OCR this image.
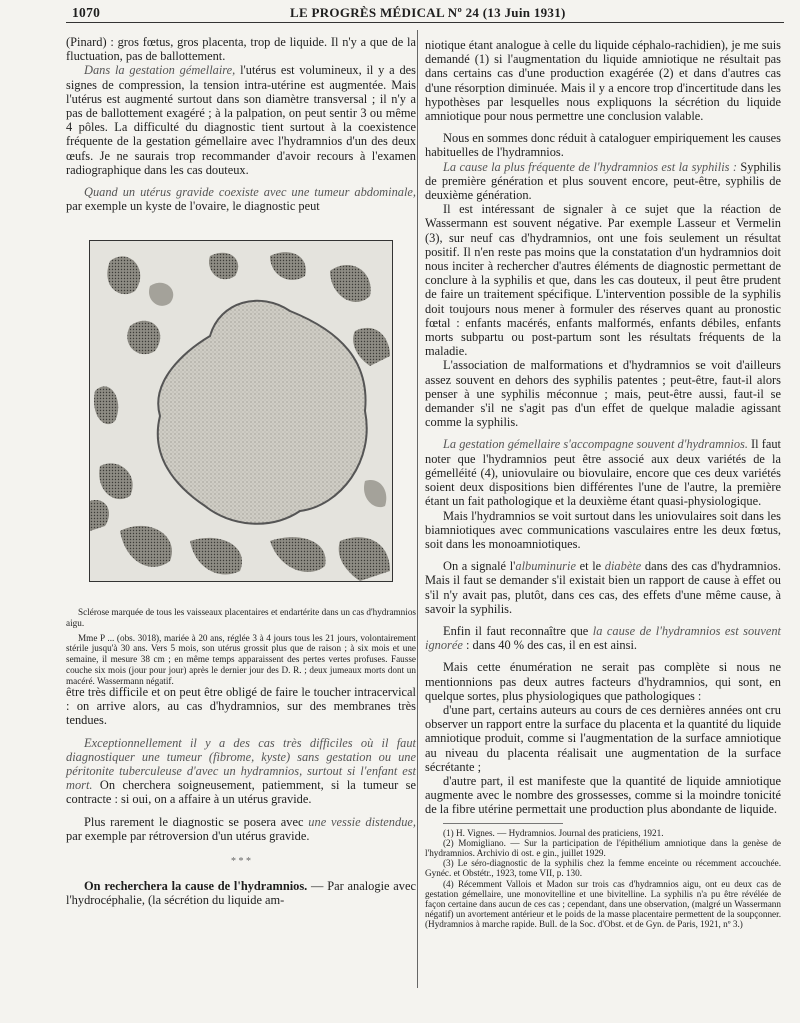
1070	LE PROGRÈS MÉDICAL Nº 24 (13 Juin 1931)

(Pinard) : gros fœtus, gros placenta, trop de liquide. Il n'y a que de la fluctuation, pas de ballottement.

Dans la gestation gémellaire, l'utérus est volumineux, il y a des signes de compression, la tension intra-utérine est augmentée. Mais l'utérus est augmenté surtout dans son diamètre transversal ; il n'y a pas de ballottement exagéré ; à la palpation, on peut sentir 3 ou même 4 pôles. La difficulté du diagnostic tient surtout à la coexistence fréquente de la gestation gémellaire avec l'hydramnios d'un des deux œufs. Je ne saurais trop recommander d'avoir recours à l'examen radiographique dans les cas douteux.

Quand un utérus gravide coexiste avec une tumeur abdominale, par exemple un kyste de l'ovaire, le diagnostic peut

Sclérose marquée de tous les vaisseaux placentaires et endartérite dans un cas d'hydramnios aigu.

Mme P ... (obs. 3018), mariée à 20 ans, réglée 3 à 4 jours tous les 21 jours, volontairement stérile jusqu'à 30 ans. Vers 5 mois, son utérus grossit plus que de raison ; à six mois et une semaine, il mesure 38 cm ; en même temps apparaissent des pertes vertes profuses. Fausse couche six mois (jour pour jour) après le dernier jour des D. R. ; deux jumeaux morts dont un macéré. Wassermann négatif.

être très difficile et on peut être obligé de faire le toucher intracervical : on arrive alors, au cas d'hydramnios, sur des membranes très tendues.

Exceptionnellement il y a des cas très difficiles où il faut diagnostiquer une tumeur (fibrome, kyste) sans gestation ou une péritonite tuberculeuse d'avec un hydramnios, surtout si l'enfant est mort. On cherchera soigneusement, patiemment, si la tumeur se contracte : si oui, on a affaire à un utérus gravide.

Plus rarement le diagnostic se posera avec une vessie distendue, par exemple par rétroversion d'un utérus gravide.

* * *

On recherchera la cause de l'hydramnios. — Par analogie avec l'hydrocéphalie, (la sécrétion du liquide am-

niotique étant analogue à celle du liquide céphalo-rachidien), je me suis demandé (1) si l'augmentation du liquide amniotique ne résultait pas dans certains cas d'une production exagérée (2) et dans d'autres cas d'une résorption diminuée. Mais il y a encore trop d'incertitude dans les hypothèses par lesquelles nous expliquons la sécrétion du liquide amniotique pour nous permettre une conclusion valable.

Nous en sommes donc réduit à cataloguer empiriquement les causes habituelles de l'hydramnios.

La cause la plus fréquente de l'hydramnios est la syphilis : Syphilis de première génération et plus souvent encore, peut-être, syphilis de deuxième génération.

Il est intéressant de signaler à ce sujet que la réaction de Wassermann est souvent négative. Par exemple Lasseur et Vermelin (3), sur neuf cas d'hydramnios, ont une fois seulement un résultat positif. Il n'en reste pas moins que la constatation d'un hydramnios doit nous inciter à rechercher d'autres éléments de diagnostic permettant de conclure à la syphilis et que, dans les cas douteux, il peut être prudent de faire un traitement spécifique. L'intervention possible de la syphilis doit toujours nous mener à formuler des réserves quant au pronostic fœtal : enfants macérés, enfants malformés, enfants débiles, enfants morts subpartu ou post-partum sont les résultats fréquents de la maladie.

L'association de malformations et d'hydramnios se voit d'ailleurs assez souvent en dehors des syphilis patentes ; peut-être, faut-il alors penser à une syphilis méconnue ; mais, peut-être aussi, faut-il se demander s'il ne s'agit pas d'un effet de quelque maladie agissant comme la syphilis.

La gestation gémellaire s'accompagne souvent d'hydramnios. Il faut noter que l'hydramnios peut être associé aux deux variétés de la gémelléité (4), uniovulaire ou biovulaire, encore que ces deux variétés soient deux dispositions bien différentes l'une de l'autre, la première étant un fait pathologique et la deuxième étant quasi-physiologique.

Mais l'hydramnios se voit surtout dans les uniovulaires soit dans les biamniotiques avec communications vasculaires entre les deux fœtus, soit dans les monoamniotiques.

On a signalé l'albuminurie et le diabète dans des cas d'hydramnios. Mais il faut se demander s'il existait bien un rapport de cause à effet ou s'il n'y avait pas, plutôt, dans ces cas, des effets d'une même cause, à savoir la syphilis.

Enfin il faut reconnaître que la cause de l'hydramnios est souvent ignorée : dans 40 % des cas, il en est ainsi.

Mais cette énumération ne serait pas complète si nous ne mentionnions pas deux autres facteurs d'hydramnios, qui sont, en quelque sortes, plus physiologiques que pathologiques :

d'une part, certains auteurs au cours de ces dernières années ont cru observer un rapport entre la surface du placenta et la quantité du liquide amniotique produit, comme si l'augmentation de la surface amniotique au niveau du placenta réalisait une augmentation de la surface sécrétante ;

d'autre part, il est manifeste que la quantité de liquide amniotique augmente avec le nombre des grossesses, comme si la moindre tonicité de la fibre utérine permettait une production plus abondante de liquide.

(1) H. Vignes. — Hydramnios. Journal des praticiens, 1921.

(2) Momigliano. — Sur la participation de l'épithélium amniotique dans la genèse de l'hydramnios. Archivio di ost. e gin., juillet 1929.

(3) Le séro-diagnostic de la syphilis chez la femme enceinte ou récemment accouchée. Gynéc. et Obstétr., 1923, tome VII, p. 130.

(4) Récemment Vallois et Madon sur trois cas d'hydramnios aigu, ont eu deux cas de gestation gémellaire, une monovitelline et une bivitelline. La syphilis n'a pu être révélée de façon certaine dans aucun de ces cas ; cependant, dans une observation, (malgré un Wassermann négatif) un avortement antérieur et le poids de la masse placentaire permettent de la soupçonner. (Hydramnios à marche rapide. Bull. de la Soc. d'Obst. et de Gyn. de Paris, 1921, nº 3.)
